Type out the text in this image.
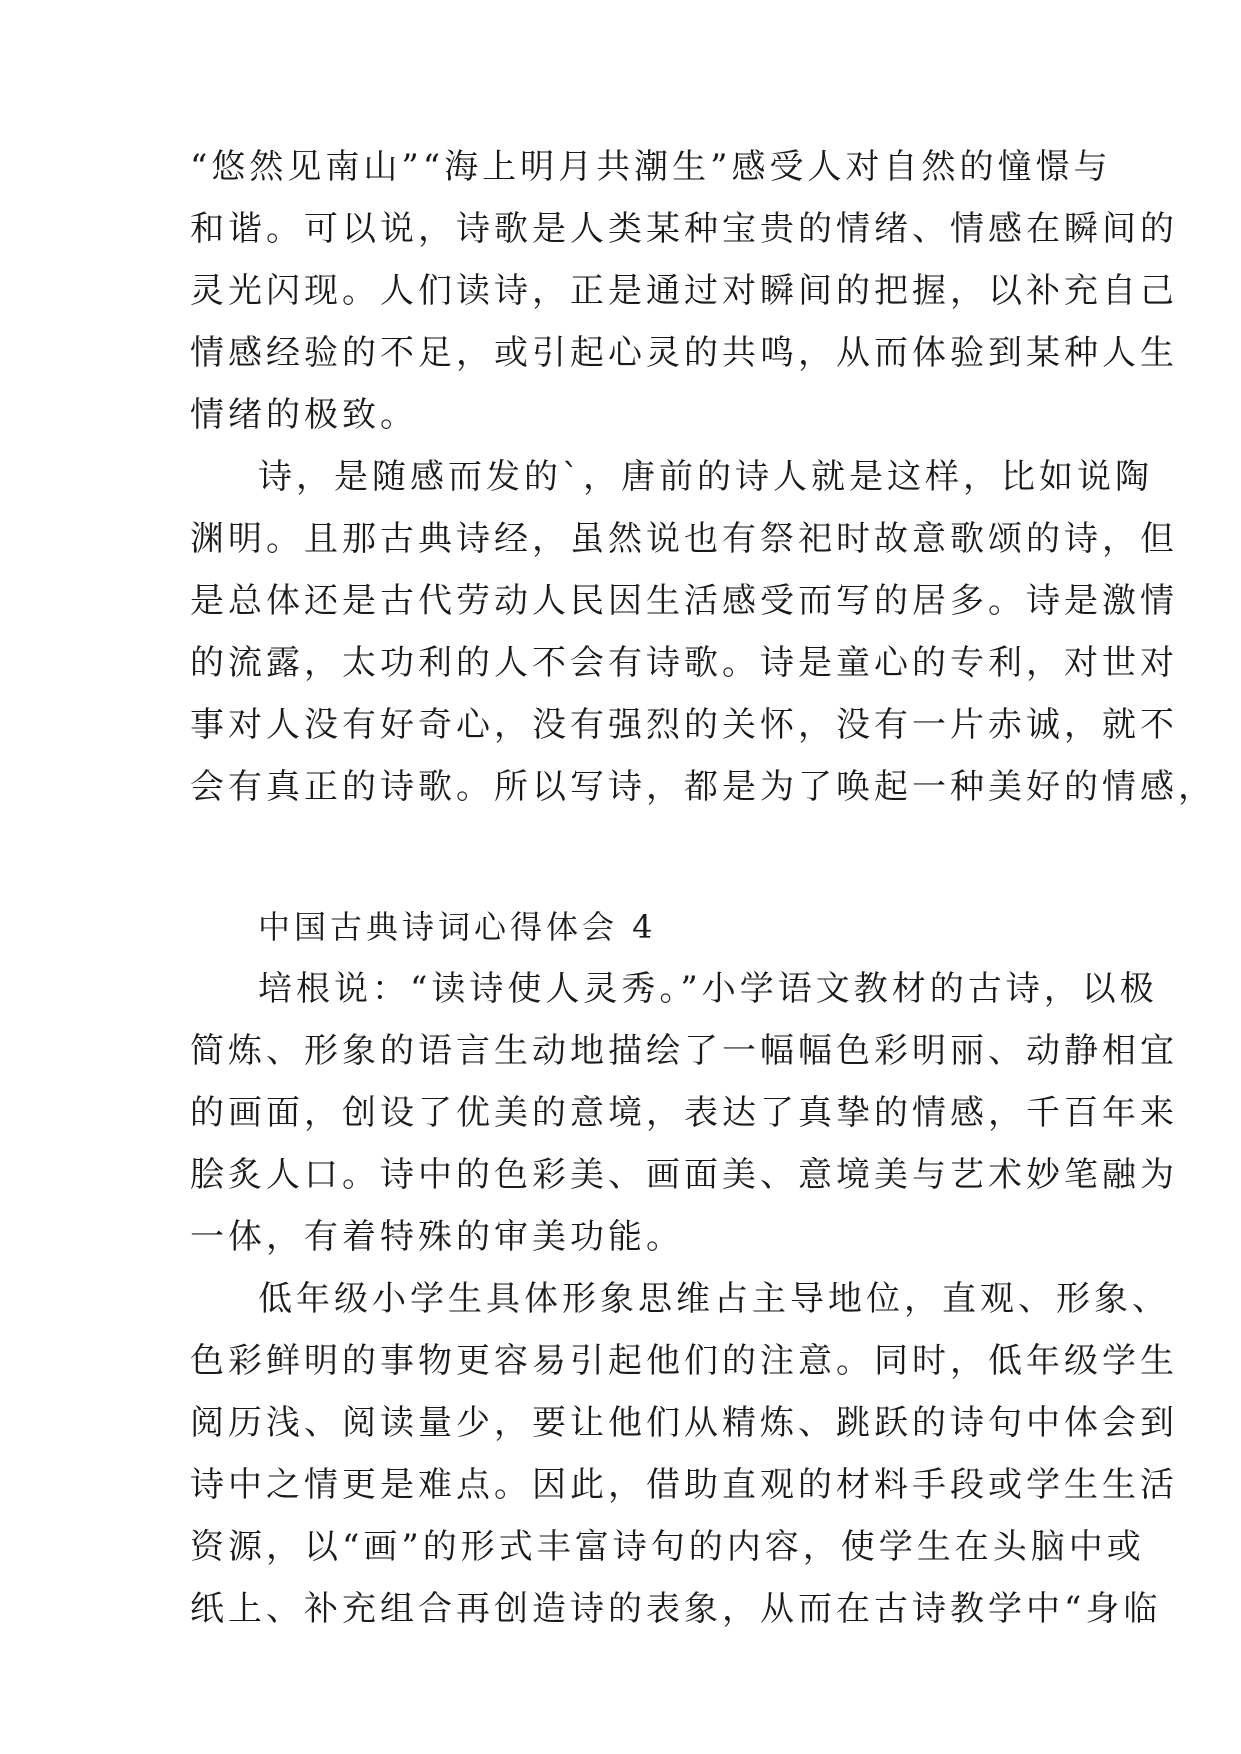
“悠然见南山”“海上明月共潮生”感受人对自然的憧憬与
和谐。可以说，诗歌是人类某种宝贵的情绪、情感在瞬间的
灵光闪现。人们读诗，正是通过对瞬间的把握，以补充自己
情感经验的不足，或引起心灵的共鸣，从而体验到某种人生
情绪的极致。
诗，是随感而发的`，唐前的诗人就是这样，比如说陶
渊明。且那古典诗经，虽然说也有祭祀时故意歌颂的诗，但
是总体还是古代劳动人民因生活感受而写的居多。诗是激情
的流露，太功利的人不会有诗歌。诗是童心的专利，对世对
事对人没有好奇心，没有强烈的关怀，没有一片赤诚，就不
会有真正的诗歌。所以写诗，都是为了唤起一种美好的情感，
中国古典诗词心得体会 4
培根说：“读诗使人灵秀。”小学语文教材的古诗，以极
简炼、形象的语言生动地描绘了一幅幅色彩明丽、动静相宜
的画面，创设了优美的意境，表达了真挚的情感，千百年来
脍炙人口。诗中的色彩美、画面美、意境美与艺术妙笔融为
一体，有着特殊的审美功能。
低年级小学生具体形象思维占主导地位，直观、形象、
色彩鲜明的事物更容易引起他们的注意。同时，低年级学生
阅历浅、阅读量少，要让他们从精炼、跳跃的诗句中体会到
诗中之情更是难点。因此，借助直观的材料手段或学生生活
资源，以“画”的形式丰富诗句的内容，使学生在头脑中或
纸上、补充组合再创造诗的表象，从而在古诗教学中“身临
